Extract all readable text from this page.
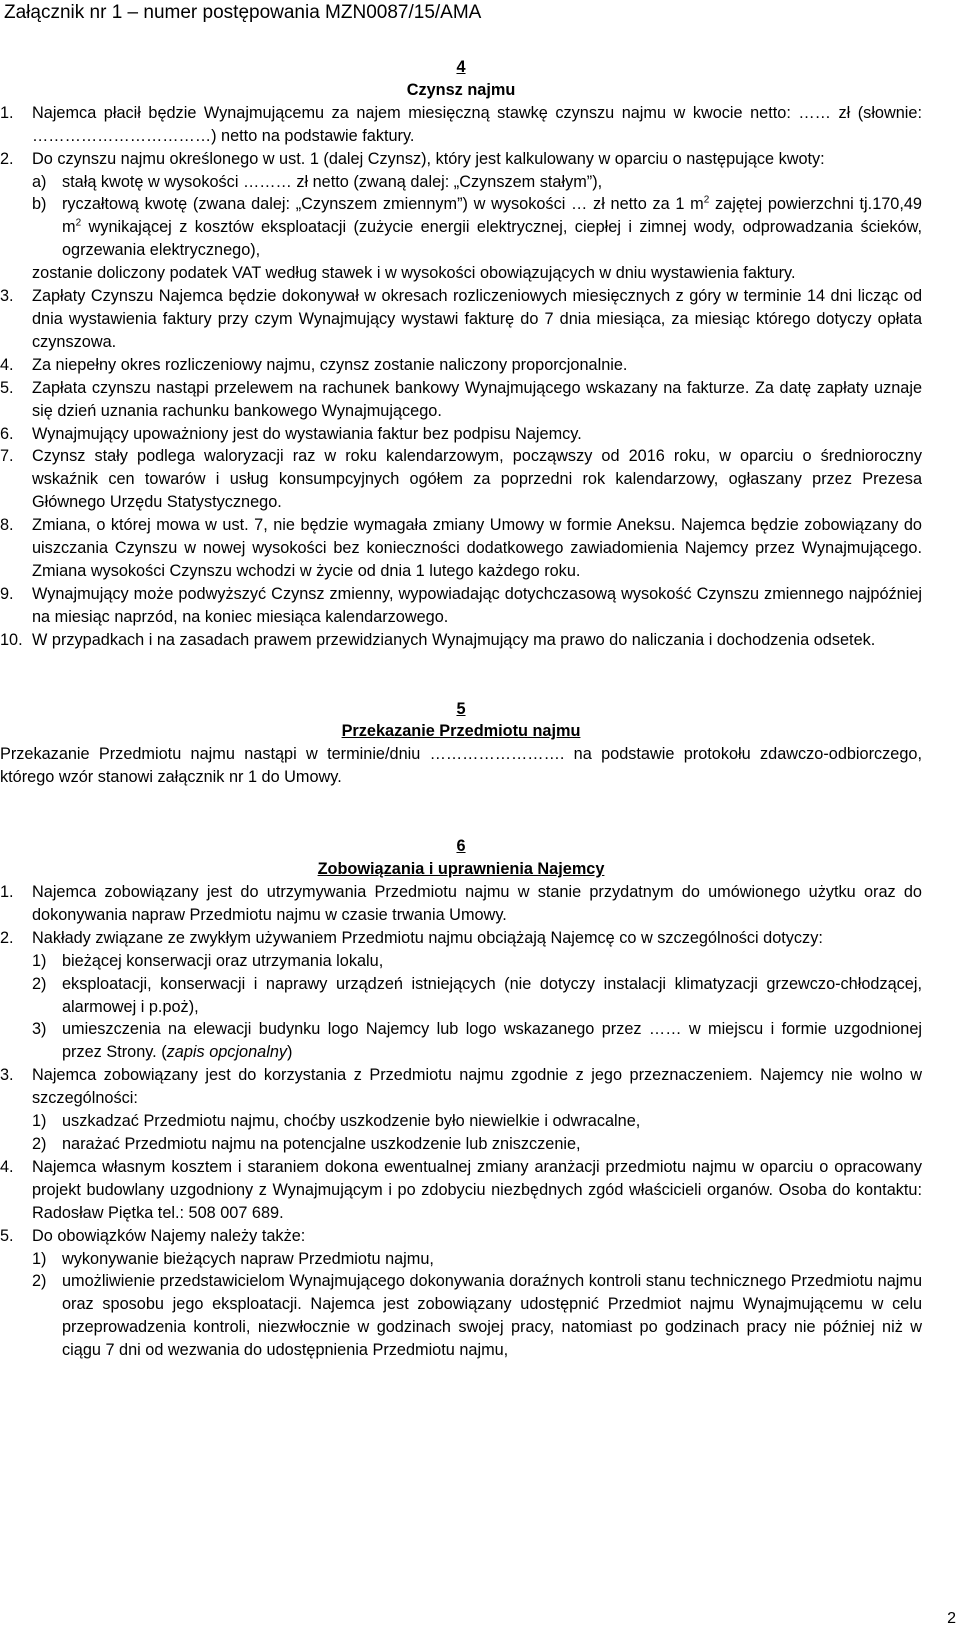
Załącznik nr 1 – numer postępowania MZN0087/15/AMA
4
Czynsz najmu
1.	Najemca płacił będzie Wynajmującemu za najem miesięczną stawkę czynszu najmu w kwocie netto: …… zł (słownie: ……………………………) netto na podstawie faktury.
2.	Do czynszu najmu określonego w ust. 1 (dalej Czynsz), który jest kalkulowany w oparciu o następujące kwoty:
a) stałą kwotę w wysokości ……… zł netto (zwaną dalej: „Czynszem stałym”),
b) ryczałtową kwotę (zwana dalej: „Czynszem zmiennym”) w wysokości … zł netto za 1 $m^2$ zajętej powierzchni tj.170,49 $m^2$ wynikającej z kosztów eksploatacji (zużycie energii elektrycznej, ciepłej i zimnej wody, odprowadzania ścieków, ogrzewania elektrycznego),
zostanie doliczony podatek VAT według stawek i w wysokości obowiązujących w dniu wystawienia faktury.
3.	Zapłaty Czynszu Najemca będzie dokonywał w okresach rozliczeniowych miesięcznych z góry w terminie 14 dni licząc od dnia wystawienia faktury przy czym Wynajmujący wystawi fakturę do 7 dnia miesiąca, za miesiąc którego dotyczy opłata czynszowa.
4.	Za niepełny okres rozliczeniowy najmu, czynsz zostanie naliczony proporcjonalnie.
5.	Zapłata czynszu nastąpi przelewem na rachunek bankowy Wynajmującego wskazany na fakturze. Za datę zapłaty uznaje się dzień uznania rachunku bankowego Wynajmującego.
6.	Wynajmujący upoważniony jest do wystawiania faktur bez podpisu Najemcy.
7.	Czynsz stały podlega waloryzacji raz w roku kalendarzowym, począwszy od 2016 roku, w oparciu o średnioroczny wskaźnik cen towarów i usług konsumpcyjnych ogółem za poprzedni rok kalendarzowy, ogłaszany przez Prezesa Głównego Urzędu Statystycznego.
8.	Zmiana, o której mowa w ust. 7, nie będzie wymagała zmiany Umowy w formie Aneksu. Najemca będzie zobowiązany do uiszczania Czynszu w nowej wysokości bez konieczności dodatkowego zawiadomienia Najemcy przez Wynajmującego. Zmiana wysokości Czynszu wchodzi w życie od dnia 1 lutego każdego roku.
9.	Wynajmujący może podwyższyć Czynsz zmienny, wypowiadając dotychczasową wysokość Czynszu zmiennego najpóźniej na miesiąc naprzód, na koniec miesiąca kalendarzowego.
10. W przypadkach i na zasadach prawem przewidzianych Wynajmujący ma prawo do naliczania i dochodzenia odsetek.
5
Przekazanie Przedmiotu najmu
Przekazanie Przedmiotu najmu nastąpi w terminie/dniu ……………………. na podstawie protokołu zdawczo-odbiorczego, którego wzór stanowi załącznik nr 1 do Umowy.
6
Zobowiązania i uprawnienia Najemcy
1.	Najemca zobowiązany jest do utrzymywania Przedmiotu najmu w stanie przydatnym do umówionego użytku oraz do dokonywania napraw Przedmiotu najmu w czasie trwania Umowy.
2.	Nakłady związane ze zwykłym używaniem Przedmiotu najmu obciążają Najemcę co w szczególności dotyczy:
1) bieżącej konserwacji oraz utrzymania lokalu,
2) eksploatacji, konserwacji i naprawy urządzeń istniejących (nie dotyczy instalacji klimatyzacji grzewczo-chłodzącej, alarmowej i p.poż),
3) umieszczenia na elewacji budynku logo Najemcy lub logo wskazanego przez …… w miejscu i formie uzgodnionej przez Strony. (zapis opcjonalny)
3.	Najemca zobowiązany jest do korzystania z Przedmiotu najmu zgodnie z jego przeznaczeniem. Najemcy nie wolno w szczególności:
1) uszkadzać Przedmiotu najmu, choćby uszkodzenie było niewielkie i odwracalne,
2) narażać Przedmiotu najmu na potencjalne uszkodzenie lub zniszczenie,
4.	Najemca własnym kosztem i staraniem dokona ewentualnej zmiany aranżacji przedmiotu najmu w oparciu o opracowany projekt budowlany uzgodniony z Wynajmującym i po zdobyciu niezbędnych zgód właścicieli organów. Osoba do kontaktu: Radosław Piętka tel.: 508 007 689.
5.	Do obowiązków Najemy należy także:
1) wykonywanie bieżących napraw Przedmiotu najmu,
2) umożliwienie przedstawicielom Wynajmującego dokonywania doraźnych kontroli stanu technicznego Przedmiotu najmu oraz sposobu jego eksploatacji. Najemca jest zobowiązany udostępnić Przedmiot najmu Wynajmującemu w celu przeprowadzenia kontroli, niezwłocznie w godzinach swojej pracy, natomiast po godzinach pracy nie później niż w ciągu 7 dni od wezwania do udostępnienia Przedmiotu najmu,
2
